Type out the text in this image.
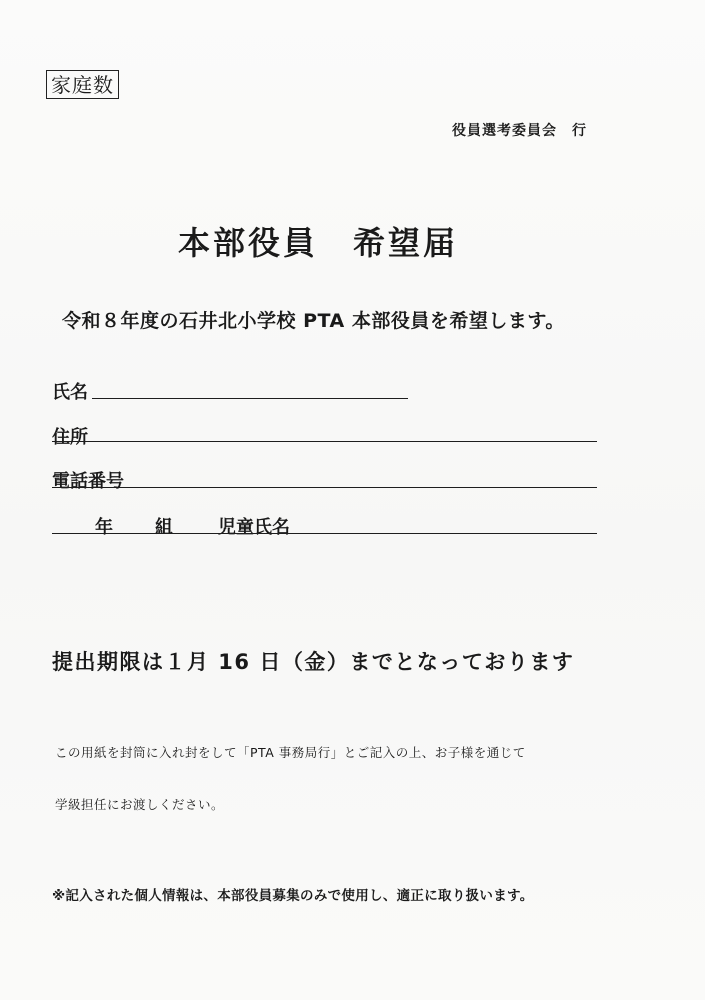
家庭数
役員選考委員会　行
本部役員　希望届
令和８年度の石井北小学校 PTA 本部役員を希望します。
氏名
住所
電話番号
年 組	児童氏名
提出期限は１月 16 日（金）までとなっております
この用紙を封筒に入れ封をして「PTA 事務局行」とご記入の上、お子様を通じて
学級担任にお渡しください。
※記入された個人情報は、本部役員募集のみで使用し、適正に取り扱います。
